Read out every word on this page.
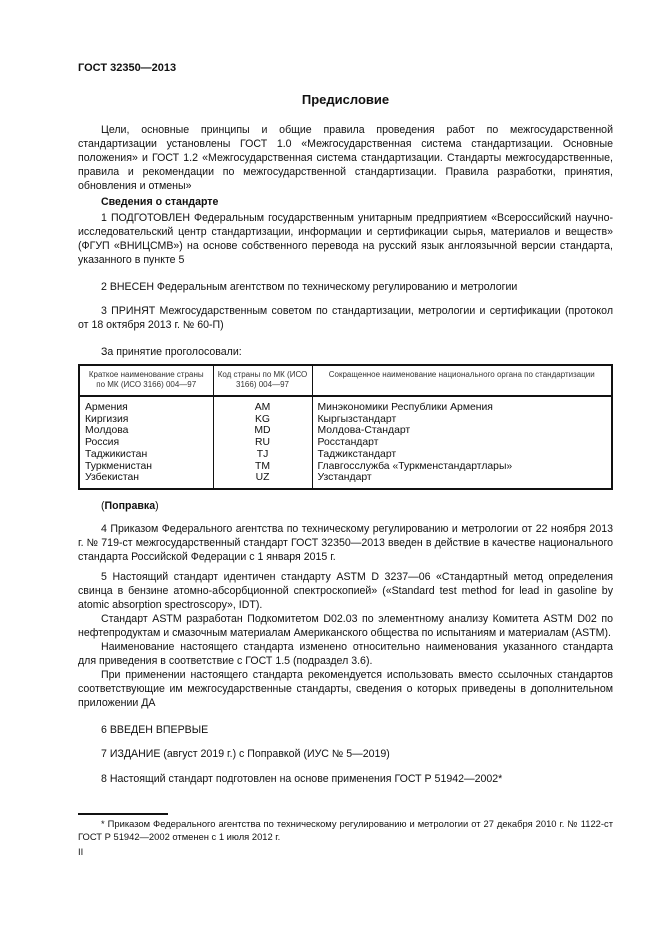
ГОСТ 32350—2013
Предисловие

Цели, основные принципы и общие правила проведения работ по межгосударственной стандартизации установлены ГОСТ 1.0 «Межгосударственная система стандартизации. Основные положения» и ГОСТ 1.2 «Межгосударственная система стандартизации. Стандарты межгосударственные, правила и рекомендации по межгосударственной стандартизации. Правила разработки, принятия, обновления и отмены»

Сведения о стандарте

1 ПОДГОТОВЛЕН Федеральным государственным унитарным предприятием «Всероссийский научно-исследовательский центр стандартизации, информации и сертификации сырья, материалов и веществ» (ФГУП «ВНИЦСМВ») на основе собственного перевода на русский язык англоязычной версии стандарта, указанного в пункте 5

2 ВНЕСЕН Федеральным агентством по техническому регулированию и метрологии

3 ПРИНЯТ Межгосударственным советом по стандартизации, метрологии и сертификации (протокол от 18 октября 2013 г. № 60-П)

За принятие проголосовали:

Краткое наименование страны по МК (ИСО 3166) 004—97	Код страны по МК (ИСО 3166) 004—97	Сокращенное наименование национального органа по стандартизации
Армения	AM	Минэкономики Республики Армения
Киргизия	KG	Кыргызстандарт
Молдова	MD	Молдова-Стандарт
Россия	RU	Росстандарт
Таджикистан	TJ	Таджикстандарт
Туркменистан	TM	Главгосслужба «Туркменстандартлары»
Узбекистан	UZ	Узстандарт

(Поправка)

4 Приказом Федерального агентства по техническому регулированию и метрологии от 22 ноября 2013 г. № 719-ст межгосударственный стандарт ГОСТ 32350—2013 введен в действие в качестве национального стандарта Российской Федерации с 1 января 2015 г.

5 Настоящий стандарт идентичен стандарту ASTM D 3237—06 «Стандартный метод определения свинца в бензине атомно-абсорбционной спектроскопией» («Standard test method for lead in gasoline by atomic absorption spectroscopy», IDT).

Стандарт ASTM разработан Подкомитетом D02.03 по элементному анализу Комитета ASTM D02 по нефтепродуктам и смазочным материалам Американского общества по испытаниям и материалам (ASTM).

Наименование настоящего стандарта изменено относительно наименования указанного стандарта для приведения в соответствие с ГОСТ 1.5 (подраздел 3.6).

При применении настоящего стандарта рекомендуется использовать вместо ссылочных стандартов соответствующие им межгосударственные стандарты, сведения о которых приведены в дополнительном приложении ДА

6 ВВЕДЕН ВПЕРВЫЕ

7 ИЗДАНИЕ (август 2019 г.) с Поправкой (ИУС № 5—2019)

8 Настоящий стандарт подготовлен на основе применения ГОСТ Р 51942—2002*

* Приказом Федерального агентства по техническому регулированию и метрологии от 27 декабря 2010 г. № 1122-ст ГОСТ Р 51942—2002 отменен с 1 июля 2012 г.

II
